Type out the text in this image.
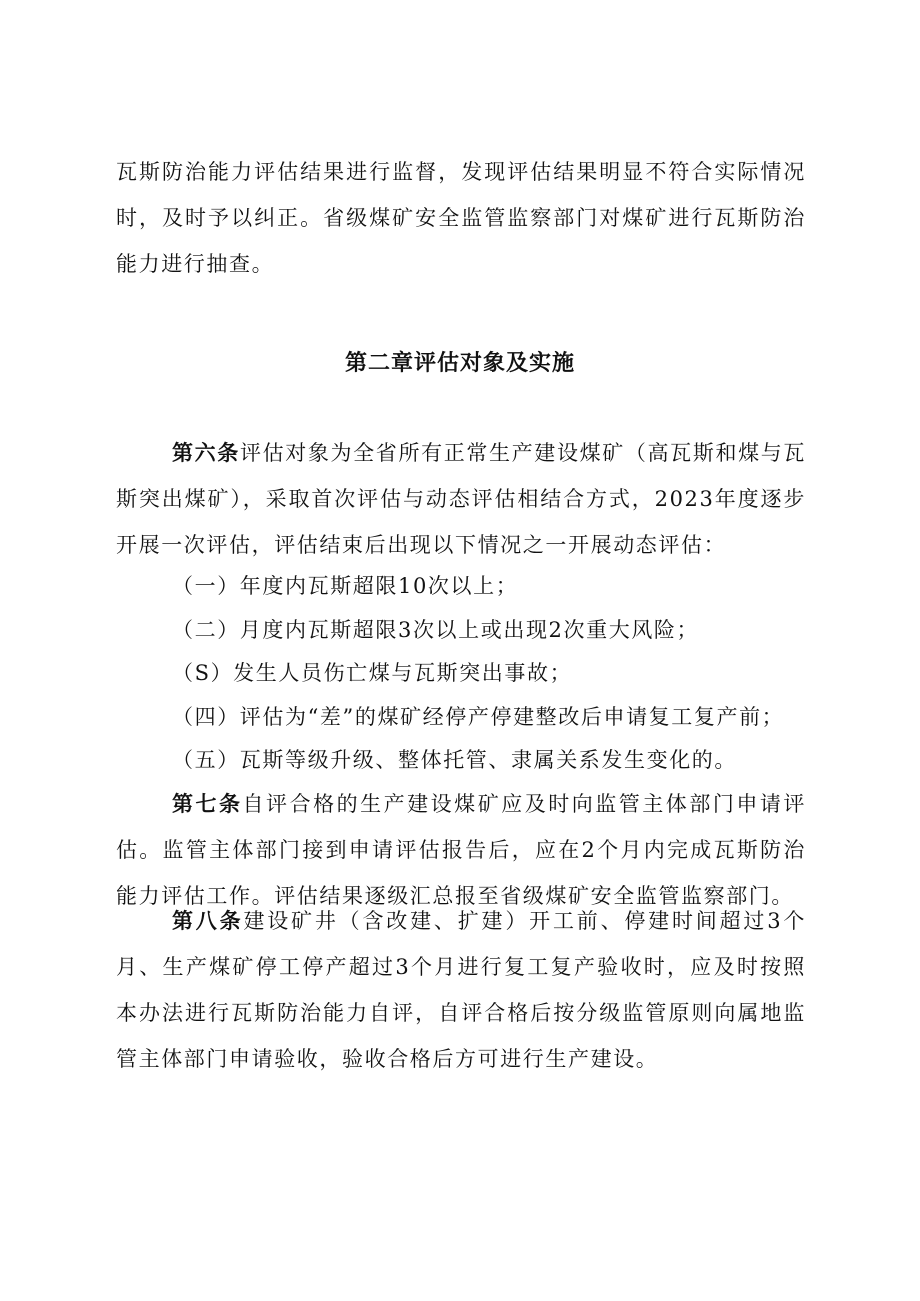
瓦斯防治能力评估结果进行监督，发现评估结果明显不符合实际情况时，及时予以纠正。省级煤矿安全监管监察部门对煤矿进行瓦斯防治能力进行抽查。

第二章评估对象及实施

第六条评估对象为全省所有正常生产建设煤矿（高瓦斯和煤与瓦斯突出煤矿），采取首次评估与动态评估相结合方式，2023年度逐步开展一次评估，评估结束后出现以下情况之一开展动态评估：

（一）年度内瓦斯超限10次以上；
（二）月度内瓦斯超限3次以上或出现2次重大风险；
（S）发生人员伤亡煤与瓦斯突出事故；
（四）评估为“差”的煤矿经停产停建整改后申请复工复产前；
（五）瓦斯等级升级、整体托管、隶属关系发生变化的。

第七条自评合格的生产建设煤矿应及时向监管主体部门申请评估。监管主体部门接到申请评估报告后，应在2个月内完成瓦斯防治能力评估工作。评估结果逐级汇总报至省级煤矿安全监管监察部门。

第八条建设矿井（含改建、扩建）开工前、停建时间超过3个月、生产煤矿停工停产超过3个月进行复工复产验收时，应及时按照本办法进行瓦斯防治能力自评，自评合格后按分级监管原则向属地监管主体部门申请验收，验收合格后方可进行生产建设。
